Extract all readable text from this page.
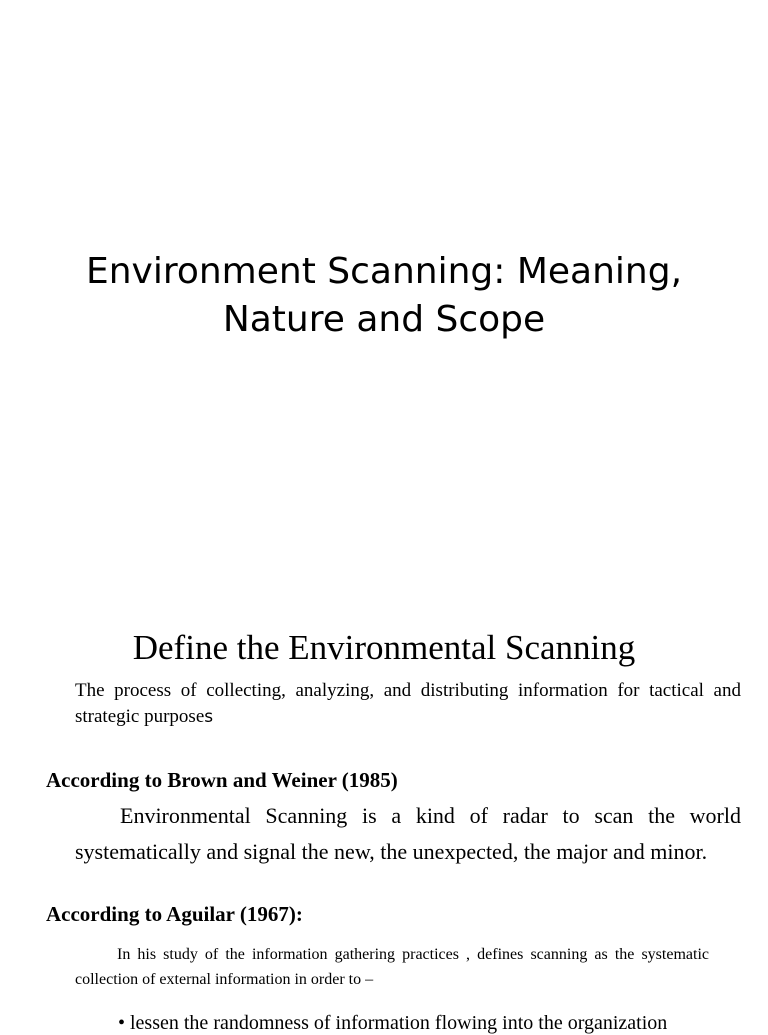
Environment Scanning: Meaning,
Nature and Scope
Define the Environmental Scanning

The process of collecting, analyzing, and distributing information for tactical and strategic purposes

According to Brown and Weiner (1985)

Environmental Scanning is a kind of radar to scan the world systematically and signal the new, the unexpected, the major and minor.

According to Aguilar (1967):

In his study of the information gathering practices , defines scanning as the systematic collection of external information in order to –

• lessen the randomness of information flowing into the organization
